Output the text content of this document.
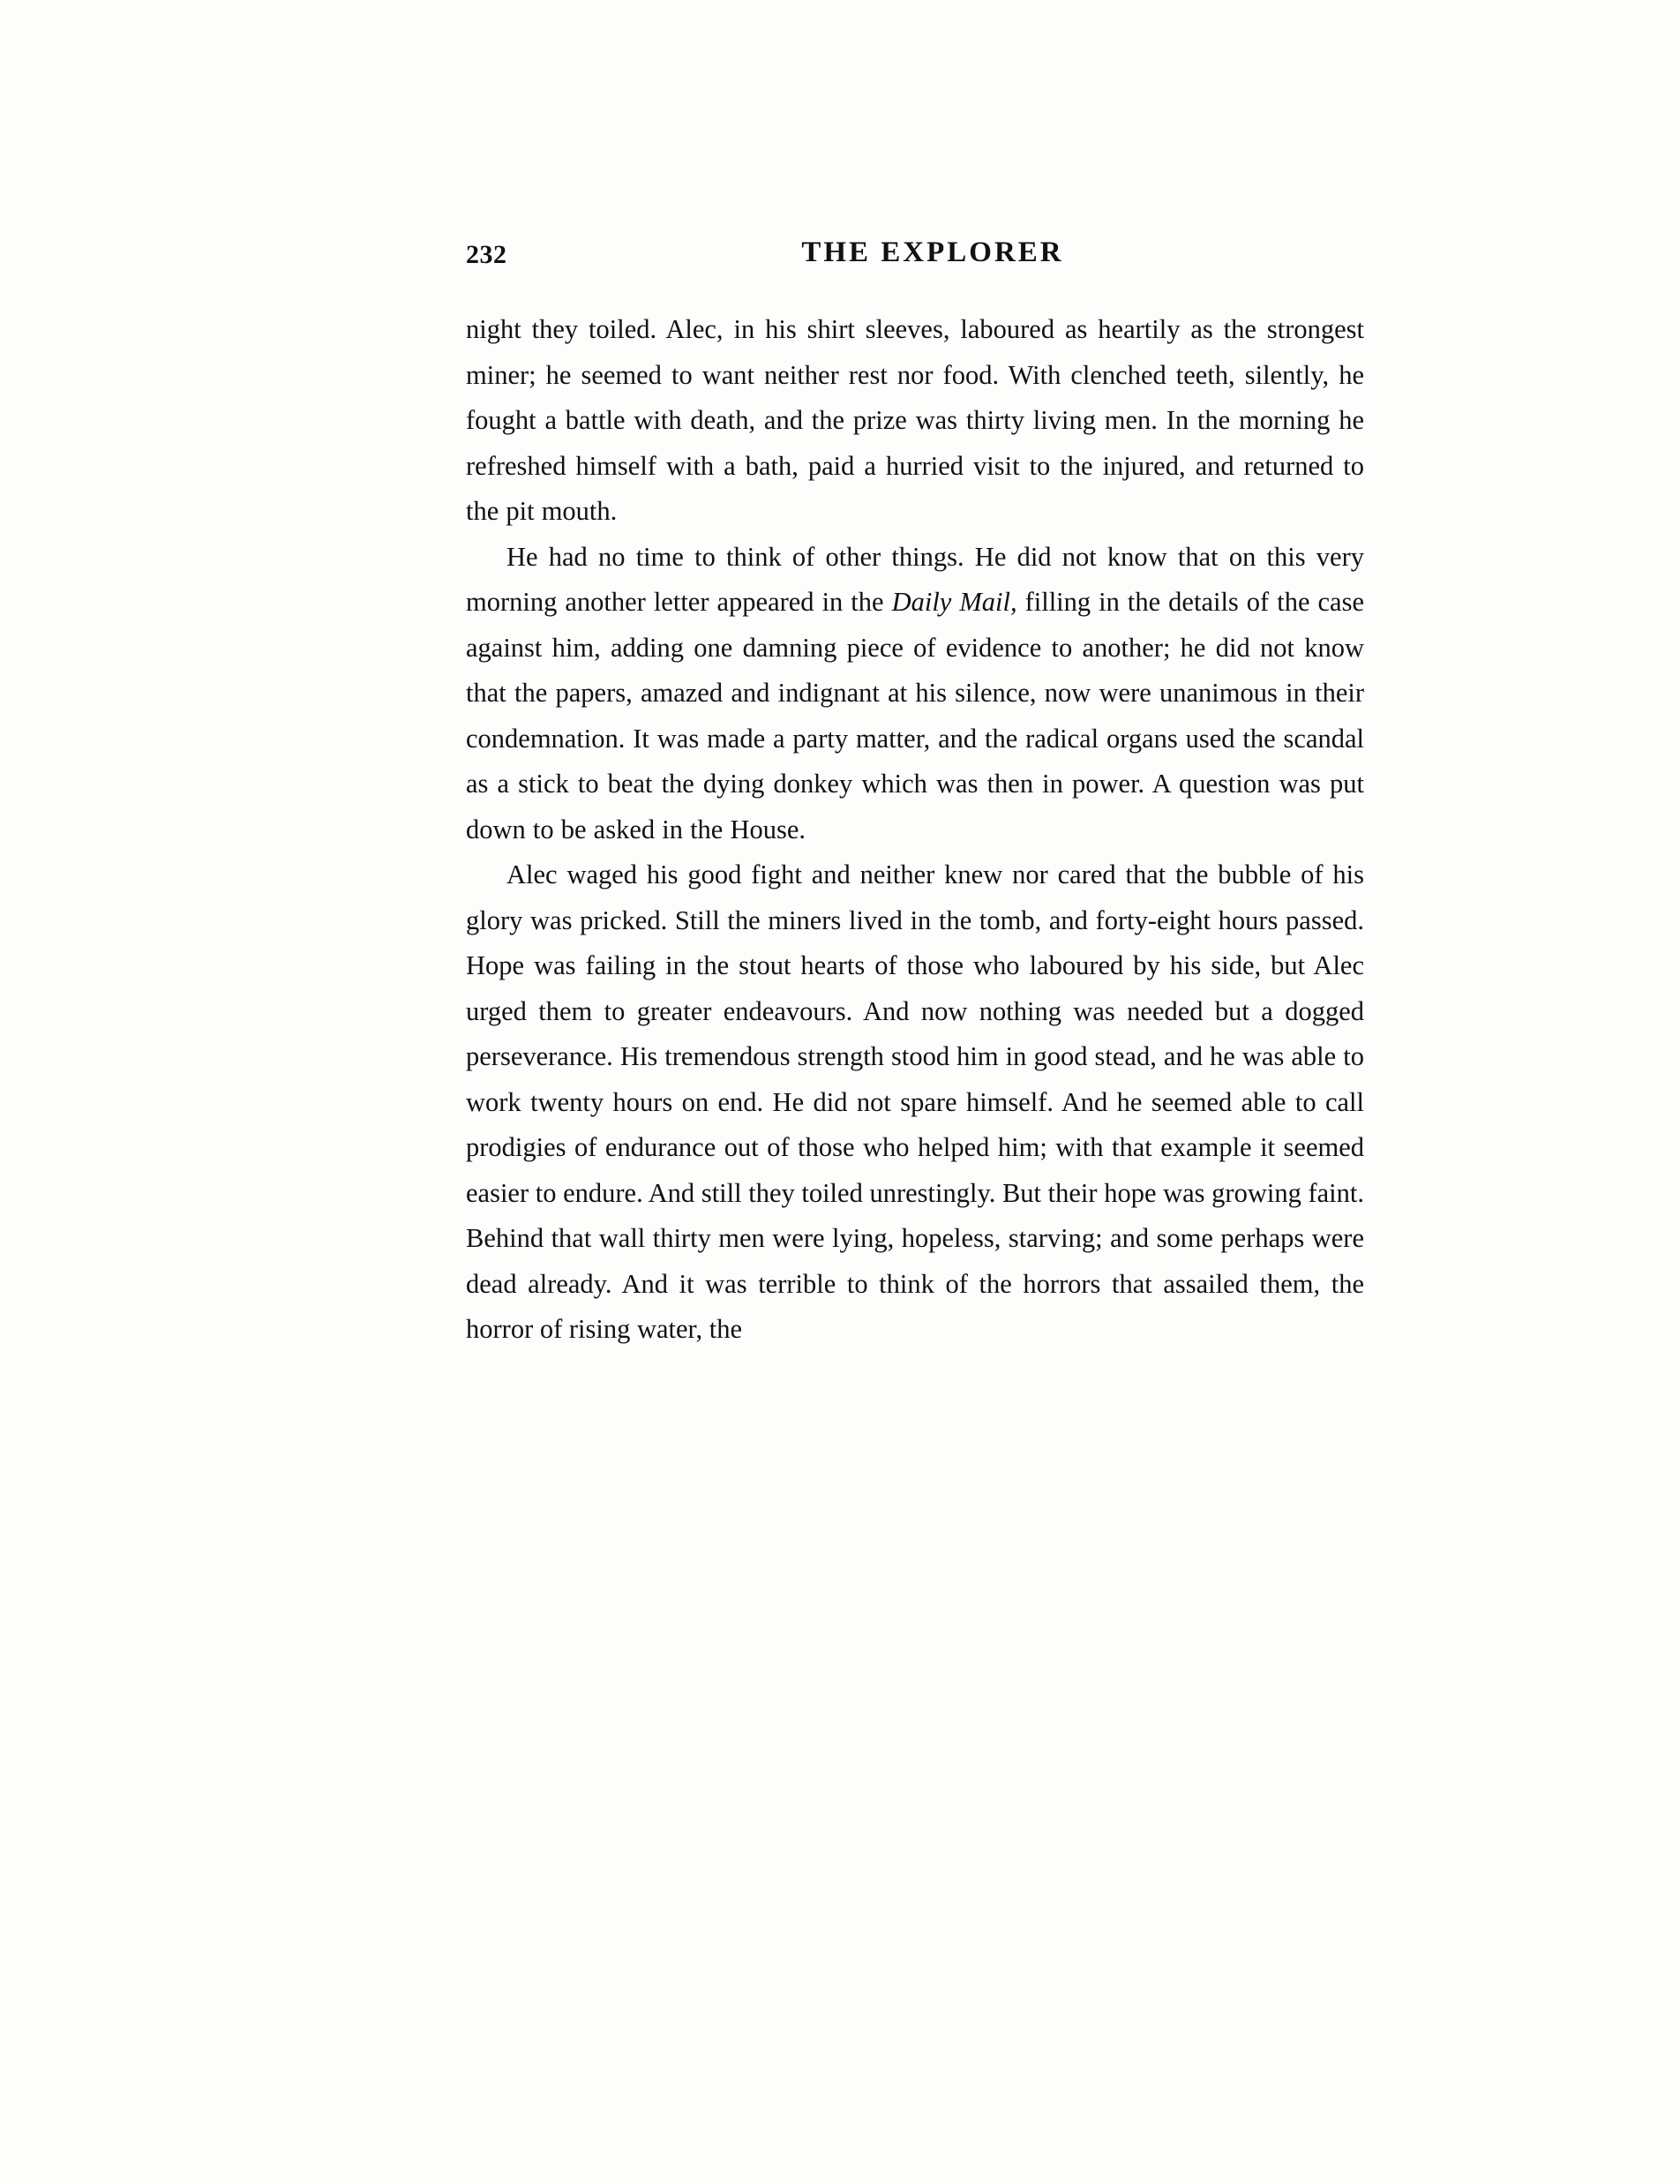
232	THE EXPLORER

night they toiled. Alec, in his shirt sleeves, laboured as heartily as the strongest miner; he seemed to want neither rest nor food. With clenched teeth, silently, he fought a battle with death, and the prize was thirty living men. In the morning he refreshed himself with a bath, paid a hurried visit to the injured, and returned to the pit mouth.

He had no time to think of other things. He did not know that on this very morning another letter appeared in the Daily Mail, filling in the details of the case against him, adding one damning piece of evidence to another; he did not know that the papers, amazed and indignant at his silence, now were unanimous in their condemnation. It was made a party matter, and the radical organs used the scandal as a stick to beat the dying donkey which was then in power. A question was put down to be asked in the House.

Alec waged his good fight and neither knew nor cared that the bubble of his glory was pricked. Still the miners lived in the tomb, and forty-eight hours passed. Hope was failing in the stout hearts of those who laboured by his side, but Alec urged them to greater endeavours. And now nothing was needed but a dogged perseverance. His tremendous strength stood him in good stead, and he was able to work twenty hours on end. He did not spare himself. And he seemed able to call prodigies of endurance out of those who helped him; with that example it seemed easier to endure. And still they toiled unrestingly. But their hope was growing faint. Behind that wall thirty men were lying, hopeless, starving; and some perhaps were dead already. And it was terrible to think of the horrors that assailed them, the horror of rising water, the
